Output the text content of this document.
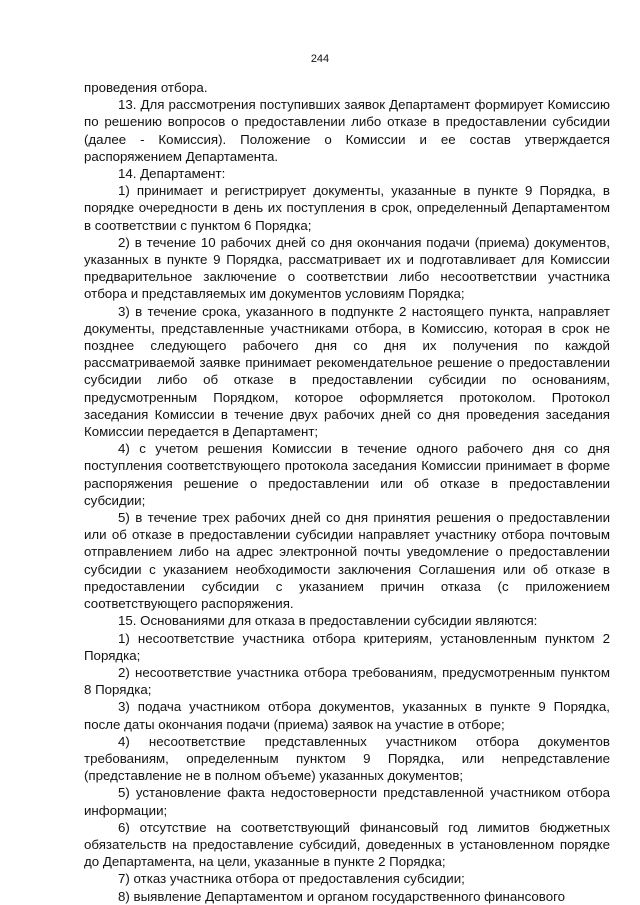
244

проведения отбора.

13. Для рассмотрения поступивших заявок Департамент формирует Комиссию по решению вопросов о предоставлении либо отказе в предоставлении субсидии (далее - Комиссия). Положение о Комиссии и ее состав утверждается распоряжением Департамента.

14. Департамент:

1) принимает и регистрирует документы, указанные в пункте 9 Порядка, в порядке очередности в день их поступления в срок, определенный Департаментом в соответствии с пунктом 6 Порядка;

2) в течение 10 рабочих дней со дня окончания подачи (приема) документов, указанных в пункте 9 Порядка, рассматривает их и подготавливает для Комиссии предварительное заключение о соответствии либо несоответствии участника отбора и представляемых им документов условиям Порядка;

3) в течение срока, указанного в подпункте 2 настоящего пункта, направляет документы, представленные участниками отбора, в Комиссию, которая в срок не позднее следующего рабочего дня со дня их получения по каждой рассматриваемой заявке принимает рекомендательное решение о предоставлении субсидии либо об отказе в предоставлении субсидии по основаниям, предусмотренным Порядком, которое оформляется протоколом. Протокол заседания Комиссии в течение двух рабочих дней со дня проведения заседания Комиссии передается в Департамент;

4) с учетом решения Комиссии в течение одного рабочего дня со дня поступления соответствующего протокола заседания Комиссии принимает в форме распоряжения решение о предоставлении или об отказе в предоставлении субсидии;

5) в течение трех рабочих дней со дня принятия решения о предоставлении или об отказе в предоставлении субсидии направляет участнику отбора почтовым отправлением либо на адрес электронной почты уведомление о предоставлении субсидии с указанием необходимости заключения Соглашения или об отказе в предоставлении субсидии с указанием причин отказа (с приложением соответствующего распоряжения.

15. Основаниями для отказа в предоставлении субсидии являются:

1) несоответствие участника отбора критериям, установленным пунктом 2 Порядка;

2) несоответствие участника отбора требованиям, предусмотренным пунктом 8 Порядка;

3) подача участником отбора документов, указанных в пункте 9 Порядка, после даты окончания подачи (приема) заявок на участие в отборе;

4) несоответствие представленных участником отбора документов требованиям, определенным пунктом 9 Порядка, или непредставление (представление не в полном объеме) указанных документов;

5) установление факта недостоверности представленной участником отбора информации;

6) отсутствие на соответствующий финансовый год лимитов бюджетных обязательств на предоставление субсидий, доведенных в установленном порядке до Департамента, на цели, указанные в пункте 2 Порядка;

7) отказ участника отбора от предоставления субсидии;

8) выявление Департаментом и органом государственного финансового
